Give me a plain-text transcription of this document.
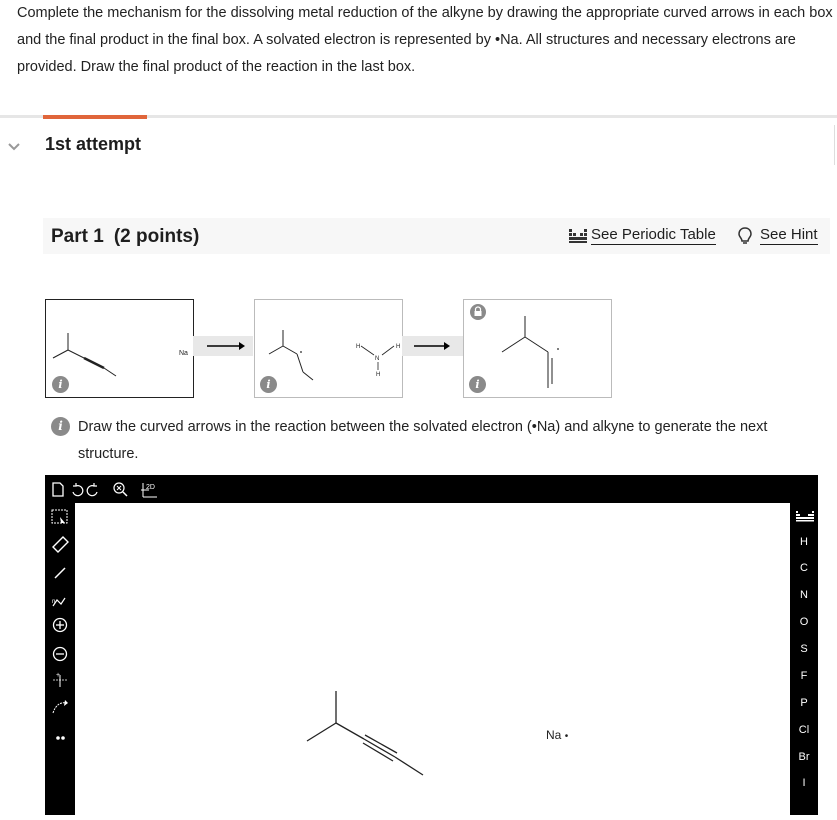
Complete the mechanism for the dissolving metal reduction of the alkyne by drawing the appropriate curved arrows in each box and the final product in the final box. A solvated electron is represented by •Na. All structures and necessary electrons are provided. Draw the final product of the reaction in the last box.
1st attempt
Part 1 (2 points)	See Periodic Table	See Hint
Na
i
H	H
N
H
i	i
i	Draw the curved arrows in the reaction between the solvated electron (•Na) and alkyne to generate the next structure.
2D
n
+
Na •
H
C
N
O
S
F
P
Cl
Br
I
